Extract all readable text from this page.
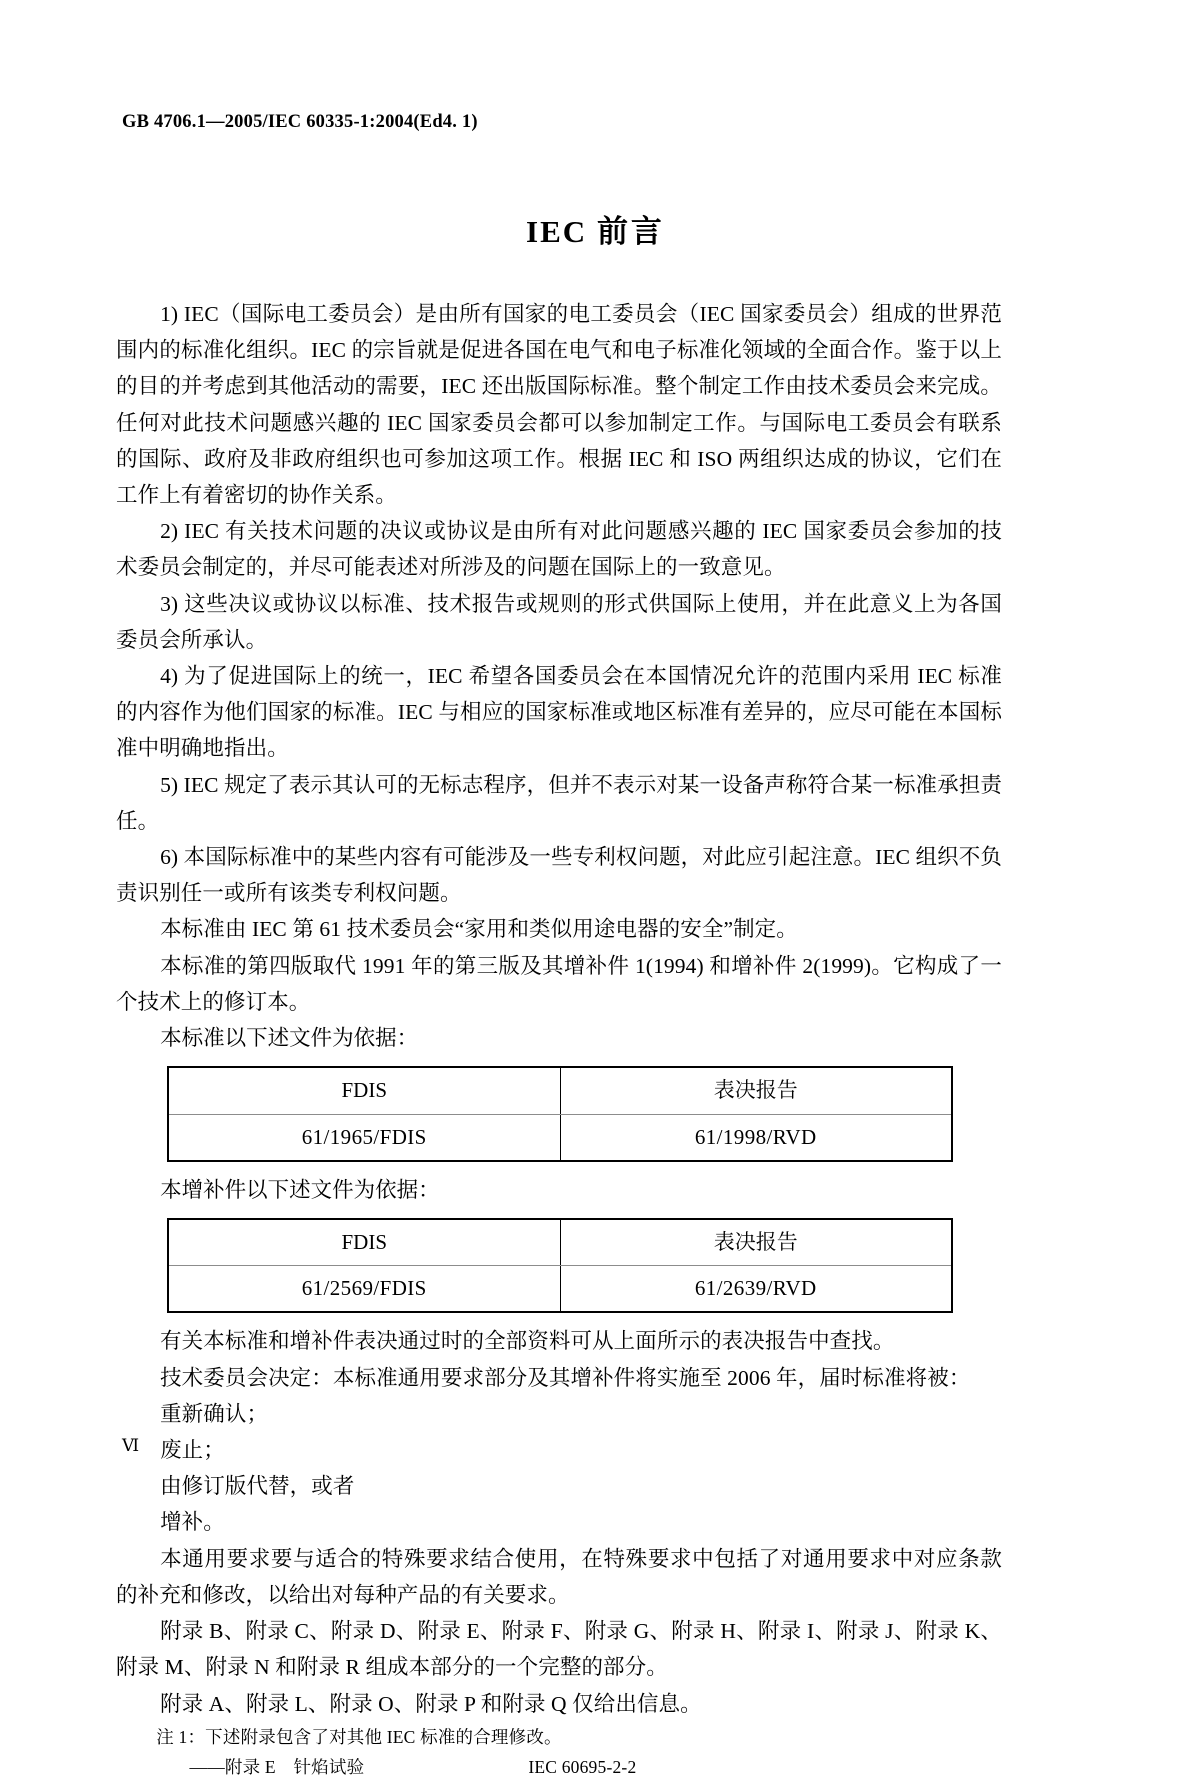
GB 4706.1—2005/IEC 60335-1:2004(Ed4. 1)
IEC 前言

1) IEC（国际电工委员会）是由所有国家的电工委员会（IEC 国家委员会）组成的世界范围内的标准化组织。IEC 的宗旨就是促进各国在电气和电子标准化领域的全面合作。鉴于以上的目的并考虑到其他活动的需要，IEC 还出版国际标准。整个制定工作由技术委员会来完成。任何对此技术问题感兴趣的 IEC 国家委员会都可以参加制定工作。与国际电工委员会有联系的国际、政府及非政府组织也可参加这项工作。根据 IEC 和 ISO 两组织达成的协议，它们在工作上有着密切的协作关系。

2) IEC 有关技术问题的决议或协议是由所有对此问题感兴趣的 IEC 国家委员会参加的技术委员会制定的，并尽可能表述对所涉及的问题在国际上的一致意见。

3) 这些决议或协议以标准、技术报告或规则的形式供国际上使用，并在此意义上为各国委员会所承认。

4) 为了促进国际上的统一，IEC 希望各国委员会在本国情况允许的范围内采用 IEC 标准的内容作为他们国家的标准。IEC 与相应的国家标准或地区标准有差异的，应尽可能在本国标准中明确地指出。

5) IEC 规定了表示其认可的无标志程序，但并不表示对某一设备声称符合某一标准承担责任。

6) 本国际标准中的某些内容有可能涉及一些专利权问题，对此应引起注意。IEC 组织不负责识别任一或所有该类专利权问题。

本标准由 IEC 第 61 技术委员会“家用和类似用途电器的安全”制定。

本标准的第四版取代 1991 年的第三版及其增补件 1(1994) 和增补件 2(1999)。它构成了一个技术上的修订本。

本标准以下述文件为依据：

FDIS	表决报告
61/1965/FDIS	61/1998/RVD

本增补件以下述文件为依据：

FDIS	表决报告
61/2569/FDIS	61/2639/RVD

有关本标准和增补件表决通过时的全部资料可从上面所示的表决报告中查找。

技术委员会决定：本标准通用要求部分及其增补件将实施至 2006 年，届时标准将被：

重新确认；

废止；

由修订版代替，或者

增补。

本通用要求要与适合的特殊要求结合使用，在特殊要求中包括了对通用要求中对应条款的补充和修改，以给出对每种产品的有关要求。

附录 B、附录 C、附录 D、附录 E、附录 F、附录 G、附录 H、附录 I、附录 J、附录 K、附录 M、附录 N 和附录 R 组成本部分的一个完整的部分。

附录 A、附录 L、附录 O、附录 P 和附录 Q 仅给出信息。

注 1：下述附录包含了对其他 IEC 标准的合理修改。

——附录 E　针焰试验	IEC 60695-2-2

Ⅵ
